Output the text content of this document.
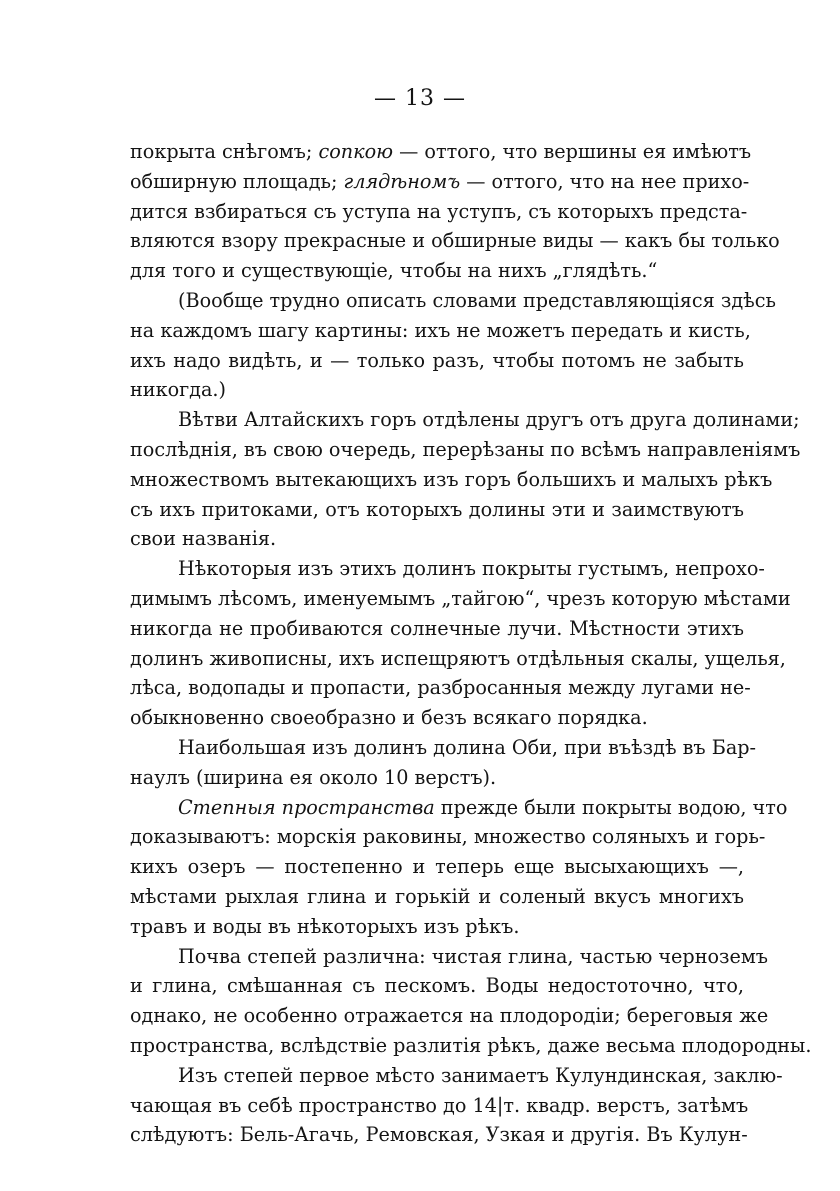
— 13 —
покрыта снѣгомъ; сопкою — оттого, что вершины ея имѣютъ
обширную площадь; глядѣномъ — оттого, что на нее прихо-
дится взбираться съ уступа на уступъ, съ которыхъ предста-
вляются взору прекрасные и обширные виды — какъ бы только
для того и существующіе, чтобы на нихъ „глядѣть.“
(Вообще трудно описать словами представляющіяся здѣсь
на каждомъ шагу картины: ихъ не можетъ передать и кисть,
ихъ надо видѣть, и — только разъ, чтобы потомъ не забыть
никогда.)
Вѣтви Алтайскихъ горъ отдѣлены другъ отъ друга долинами;
послѣднія, въ свою очередь, перерѣзаны по всѣмъ направленіямъ
множествомъ вытекающихъ изъ горъ большихъ и малыхъ рѣкъ
съ ихъ притоками, отъ которыхъ долины эти и заимствуютъ
свои названія.
Нѣкоторыя изъ этихъ долинъ покрыты густымъ, непрохо-
димымъ лѣсомъ, именуемымъ „тайгою“, чрезъ которую мѣстами
никогда не пробиваются солнечные лучи. Мѣстности этихъ
долинъ живописны, ихъ испещряютъ отдѣльныя скалы, ущелья,
лѣса, водопады и пропасти, разбросанныя между лугами не-
обыкновенно своеобразно и безъ всякаго порядка.
Наибольшая изъ долинъ долина Оби, при въѣздѣ въ Бар-
наулъ (ширина ея около 10 верстъ).
Степныя пространства прежде были покрыты водою, что
доказываютъ: морскія раковины, множество соляныхъ и горь-
кихъ озеръ — постепенно и теперь еще высыхающихъ —,
мѣстами рыхлая глина и горькій и соленый вкусъ многихъ
травъ и воды въ нѣкоторыхъ изъ рѣкъ.
Почва степей различна: чистая глина, частью черноземъ
и глина, смѣшанная съ пескомъ. Воды недостоточно, что,
однако, не особенно отражается на плодородіи; береговыя же
пространства, вслѣдствіе разлитія рѣкъ, даже весьма плодородны.
Изъ степей первое мѣсто занимаетъ Кулундинская, заклю-
чающая въ себѣ пространство до 14|т. квадр. верстъ, затѣмъ
слѣдуютъ: Бель-Агачь, Ремовская, Узкая и другія. Въ Кулун-
